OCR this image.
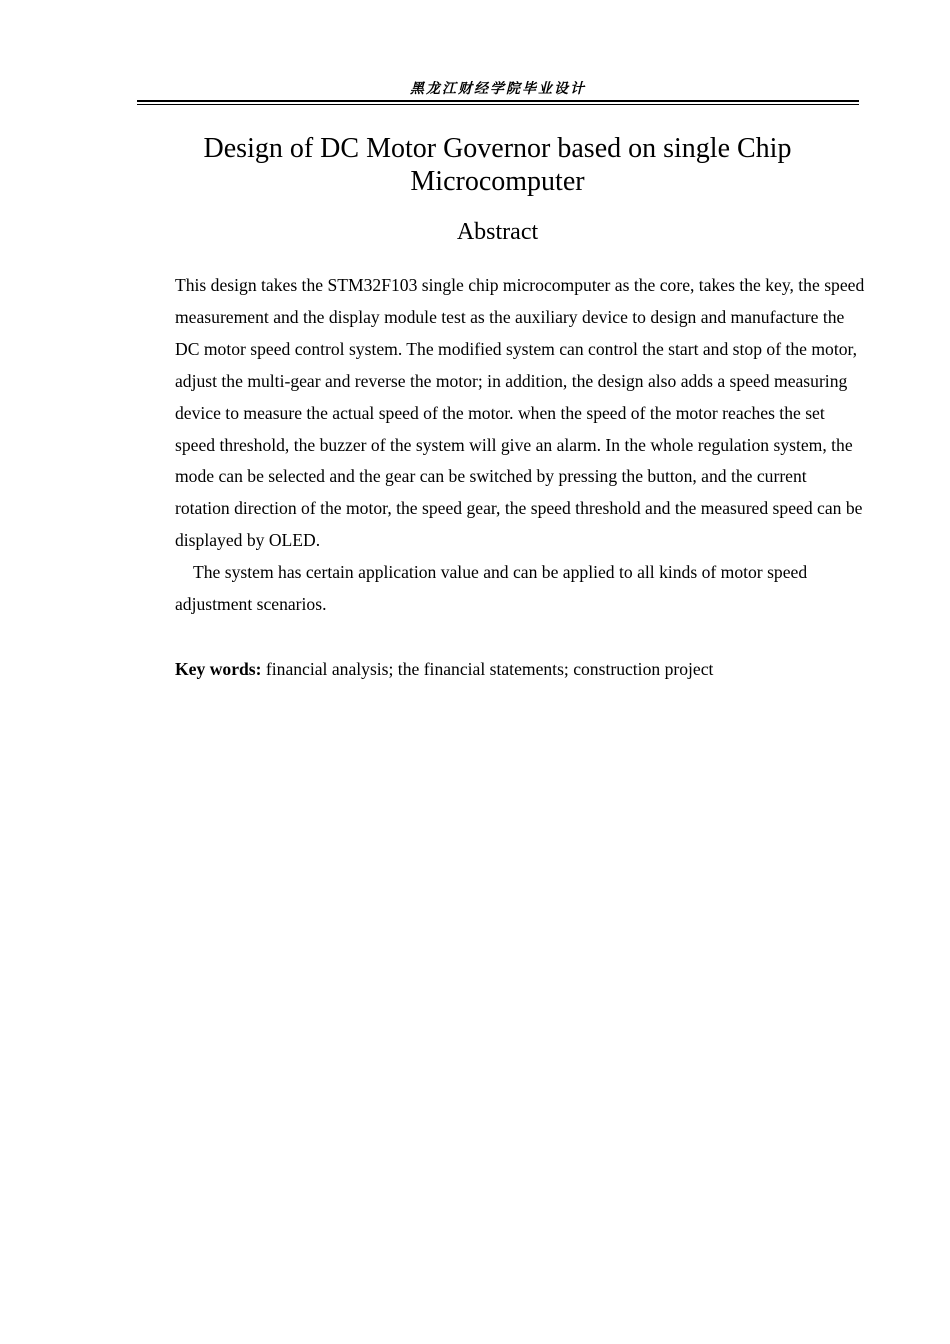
黑龙江财经学院毕业设计
Design of DC Motor Governor based on single Chip Microcomputer
Abstract

This design takes the STM32F103 single chip microcomputer as the core, takes the key, the speed measurement and the display module test as the auxiliary device to design and manufacture the DC motor speed control system. The modified system can control the start and stop of the motor, adjust the multi-gear and reverse the motor; in addition, the design also adds a speed measuring device to measure the actual speed of the motor. when the speed of the motor reaches the set speed threshold, the buzzer of the system will give an alarm. In the whole regulation system, the mode can be selected and the gear can be switched by pressing the button, and the current rotation direction of the motor, the speed gear, the speed threshold and the measured speed can be displayed by OLED.

The system has certain application value and can be applied to all kinds of motor speed adjustment scenarios.

Key words: financial analysis; the financial statements; construction project
